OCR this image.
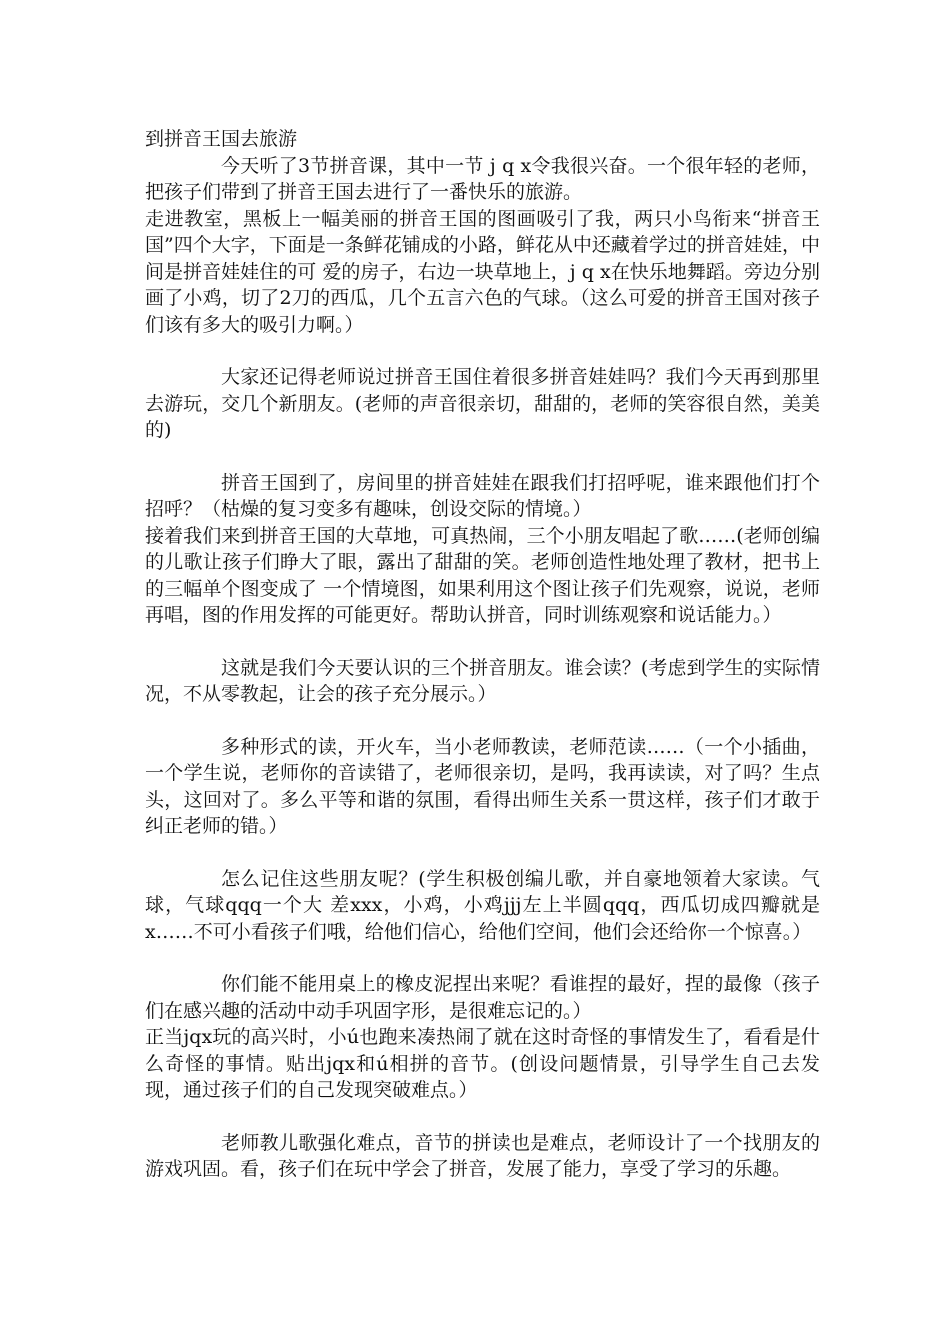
到拼音王国去旅游

今天听了3节拼音课，其中一节 j q x令我很兴奋。一个很年轻的老师，把孩子们带到了拼音王国去进行了一番快乐的旅游。

走进教室，黑板上一幅美丽的拼音王国的图画吸引了我，两只小鸟衔来“拼音王国”四个大字，下面是一条鲜花铺成的小路，鲜花从中还藏着学过的拼音娃娃，中间是拼音娃娃住的可 爱的房子，右边一块草地上，j q x在快乐地舞蹈。旁边分别画了小鸡，切了2刀的西瓜，几个五言六色的气球。（这么可爱的拼音王国对孩子们该有多大的吸引力啊。）

大家还记得老师说过拼音王国住着很多拼音娃娃吗？我们今天再到那里去游玩，交几个新朋友。(老师的声音很亲切，甜甜的，老师的笑容很自然，美美的)

拼音王国到了，房间里的拼音娃娃在跟我们打招呼呢，谁来跟他们打个招呼？（枯燥的复习变多有趣味，创设交际的情境。）

接着我们来到拼音王国的大草地，可真热闹，三个小朋友唱起了歌……(老师创编的儿歌让孩子们睁大了眼，露出了甜甜的笑。老师创造性地处理了教材，把书上的三幅单个图变成了 一个情境图，如果利用这个图让孩子们先观察，说说，老师再唱，图的作用发挥的可能更好。帮助认拼音，同时训练观察和说话能力。）

这就是我们今天要认识的三个拼音朋友。谁会读？(考虑到学生的实际情况，不从零教起，让会的孩子充分展示。）

多种形式的读，开火车，当小老师教读，老师范读……（一个小插曲，一个学生说，老师你的音读错了，老师很亲切，是吗，我再读读，对了吗？生点头，这回对了。多么平等和谐的氛围，看得出师生关系一贯这样，孩子们才敢于纠正老师的错。）

怎么记住这些朋友呢？(学生积极创编儿歌，并自豪地领着大家读。气球，气球qqq一个大 差xxx，小鸡，小鸡jjj左上半圆qqq，西瓜切成四瓣就是x……不可小看孩子们哦，给他们信心，给他们空间，他们会还给你一个惊喜。）

你们能不能用桌上的橡皮泥捏出来呢？看谁捏的最好，捏的最像（孩子们在感兴趣的活动中动手巩固字形，是很难忘记的。）

正当jqx玩的高兴时，小ú也跑来凑热闹了就在这时奇怪的事情发生了，看看是什么奇怪的事情。贴出jqx和ú相拼的音节。(创设问题情景，引导学生自己去发现，通过孩子们的自己发现突破难点。）

老师教儿歌强化难点，音节的拼读也是难点，老师设计了一个找朋友的游戏巩固。看，孩子们在玩中学会了拼音，发展了能力，享受了学习的乐趣。
